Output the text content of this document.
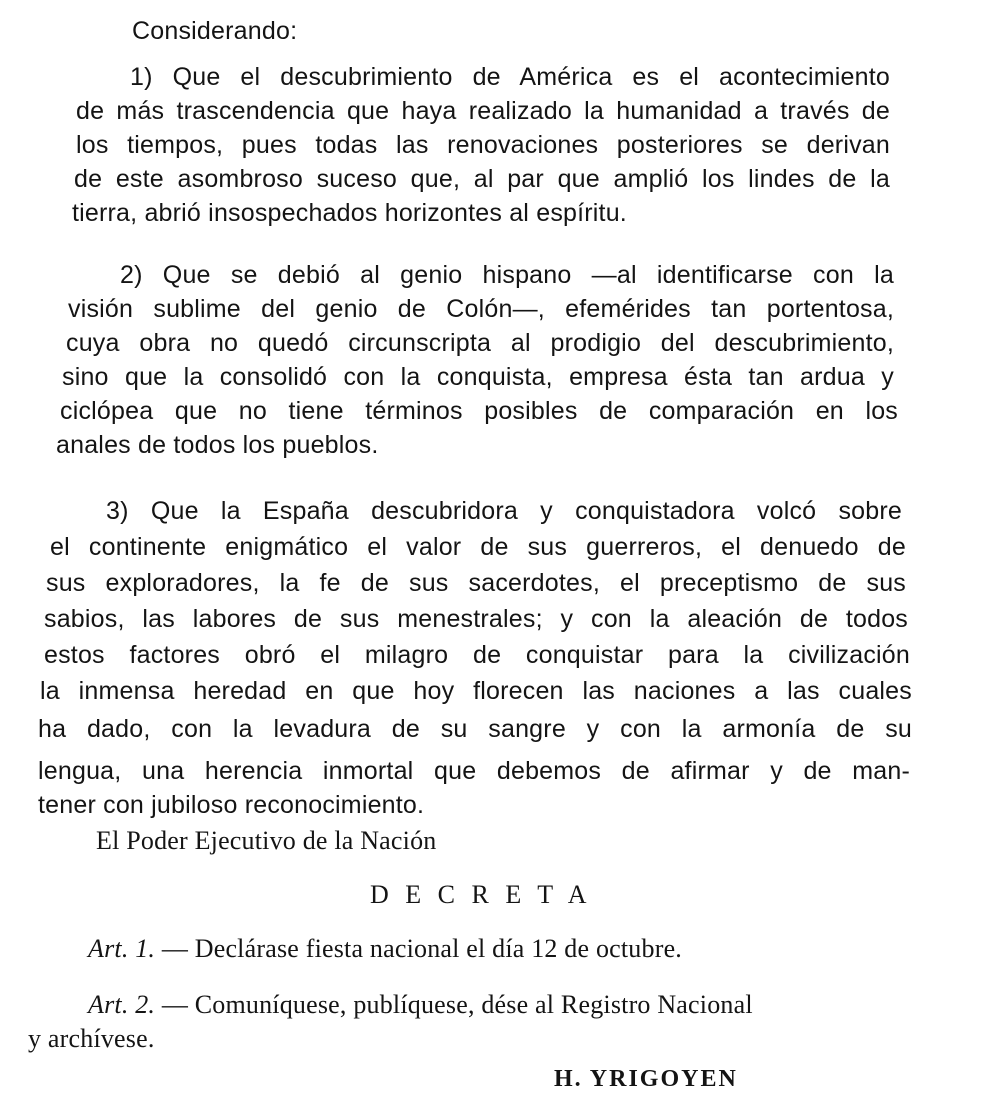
Considerando:
1) Que el descubrimiento de América es el acontecimiento
de más trascendencia que haya realizado la humanidad a través de
los tiempos, pues todas las renovaciones posteriores se derivan
de este asombroso suceso que, al par que amplió los lindes de la
tierra, abrió insospechados horizontes al espíritu.
2) Que se debió al genio hispano —al identificarse con la
visión sublime del genio de Colón—, efemérides tan portentosa,
cuya obra no quedó circunscripta al prodigio del descubrimiento,
sino que la consolidó con la conquista, empresa ésta tan ardua y
ciclópea que no tiene términos posibles de comparación en los
anales de todos los pueblos.
3) Que la España descubridora y conquistadora volcó sobre
el continente enigmático el valor de sus guerreros, el denuedo de
sus exploradores, la fe de sus sacerdotes, el preceptismo de sus
sabios, las labores de sus menestrales; y con la aleación de todos
estos factores obró el milagro de conquistar para la civilización
la inmensa heredad en que hoy florecen las naciones a las cuales
ha dado, con la levadura de su sangre y con la armonía de su
lengua, una herencia inmortal que debemos de afirmar y de man-
tener con jubiloso reconocimiento.
El Poder Ejecutivo de la Nación
D E C R E T A
Art. 1. — Declárase fiesta nacional el día 12 de octubre.
Art. 2. — Comuníquese, publíquese, dése al Registro Nacional
y archívese.
H. YRIGOYEN
